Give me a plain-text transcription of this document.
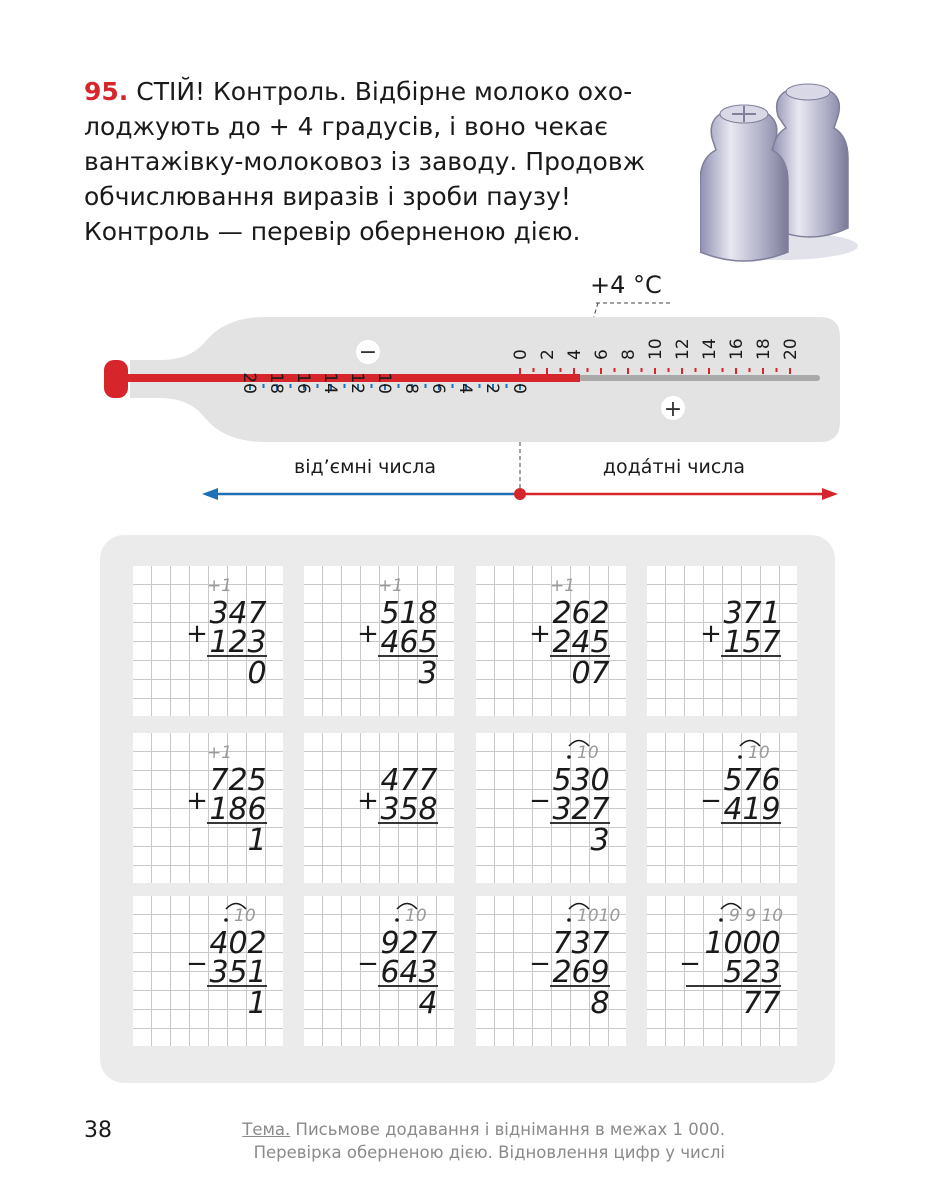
95. СТІЙ! Контроль. Відбірне молоко охо-
лоджують до + 4 градусів, і воно чекає
вантажівку-молоковоз із заводу. Продовж
обчислювання виразів і зроби паузу!
Контроль — перевір оберненою дією.
+4 °C
−
+
0 2 4 6 8 10 12 14 16 18 20
0
2
4
6
8
10
12
14
16
18
20
від’ємні числа	дода́тні числа
+1
3 4 7
1 2 3
0
+
+1
5 1 8
4 6 5
3
+
+1
2 6 2
2 4 5
0 7
+
3 7 1
1 5 7
+
+1
7 2 5
1 8 6
1
+
4 7 7
3 5 8
+
10
5 3 0
3 2 7
3
−
10
5 7 6
4 1 9
−
10
4 0 2
3 5 1
1
−
10
9 2 7
6 4 3
4
−
1010
7 3 7
2 6 9
8
−
9 9 10
1 0 0 0
5 2 3
7 7
−
38	Тема. Письмове додавання і віднімання в межах 1 000.
Перевірка оберненою дією. Відновлення цифр у числі
